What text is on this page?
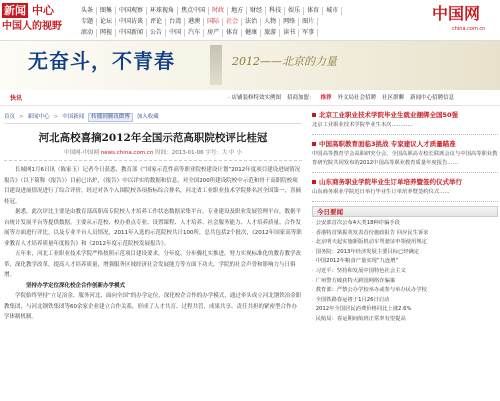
新闻 中心
中国人的视野
头条	图集	中国观察	环球视角	焦点中国	时政	地方	财经	科技	娱乐	体育	城市
专题	论坛	中国访谈	评论	台湾	港澳	国际	社会	法治	人物	网络	图片
滚动	网视	中国新闻	公告	中国	汽车	房产	体育	健康	旅游	读书	军事
中国网
china.com.cn
无奋斗，不青春	2012——北京的力量
快讯	· 店铺装修特效实例图 招商加盟： 推荐 外文局社会招聘 社区群聊 新闻中心招聘信息
首页 > 新闻中心 > 中国新闻	转播到腾讯微博	加入收藏
河北高校喜摘2012年全国示范高职院校评比桂冠
中国网-中国网 news.china.com.cn 时间：2013-01-06 字号：大 中 小

长城网1月6日讯（陈家玉）记者今日获悉，教育部《“国家示范性高等职业院校建设计划”2012年度项目建设进展情况报告》（以下简称《报告》）目前已出炉，《报告》中以详实的数据和信息，对全国200所建设院校中示范和骨干高职院校项目建设进展情况进行了综合评价，经过对各个入围院校各项指标综合排名，河北省工业职业技术学院排名居全国第一，喜摘桂冠。

据悉，此次评比主要是由教育部高职高专院校人才培养工作状态数据采集平台，专业建设及职业发展管理平台，数据平台统计发展平台等提供数据。主要从示范校、校办重点专业、设置课程、人才培养、社会服务能力、人才培养质量、合作发展等方面进行评比。以及专业平台人员情况，2011年入选的示范院校共计100所，总共包括2个批次，《2012年国家高等职业教育人才培养质量年度报告》和《2012年度示范院校发展报告》。

五年来，河北工业职业技术学院严格按照示范项目建设要求，分年度、分步骤扎实推进，努力实现标准化的教育教学改革，深化教学改革，提高人才培养质量，增强服务区域经济社会发展能力等方面下功夫，学院的社会声誉和影响力与日俱增。

坚持办学定位深化校企合作创新办学模式

学院始终坚持“立足冶金、服务河北、面向全国”的办学定位，深化校企合作的办学模式，通过牵头成立河北钢铁冶金职教集团，与河北钢铁集团等60余家企业建立合作关系，形成了人才共育、过程共管、成果共享、责任共担的紧密型合作办学体制机制。

北京工业职业技术学院毕业生就业捆绑全国50强
北京工业职业技术学院毕业生本次…………
中国高职教育面临3挑战 专家建议人才质量瞄准
中国高等教育学会高职研究分会、全国高职高专校长联席会议与中国高等职业教育研究院共同发布的2012中国高等职业教育质量年度报告……
山东商务职业学院毕业生订单培养暨签约仪式举行
山东商务职业学院近日举行毕业生订单培养暨签约仪式……
今日要闻
· 公安部首次公布4大类18种诈骗手段
· 香港特首梁振英发表首份施政报告 回应民生诉求
· 北京明天起实施新版机动车驾驶证申领使用规定
· 国务院：2013年经济发展主要目标已经确定
· 中国2012年粮食产量实现“九连增”
· 习近平：坚持和发展中国特色社会主义
· 广州警方破获特大跨国网络诈骗案
· 教育部：严禁公办学校举办或参与举办民办学校
· 全国铁路春运将于1月26日启动
· 2012年全国居民消费价格同比上涨2.6%
· 民航局：春运期间航班正常率有望提高
